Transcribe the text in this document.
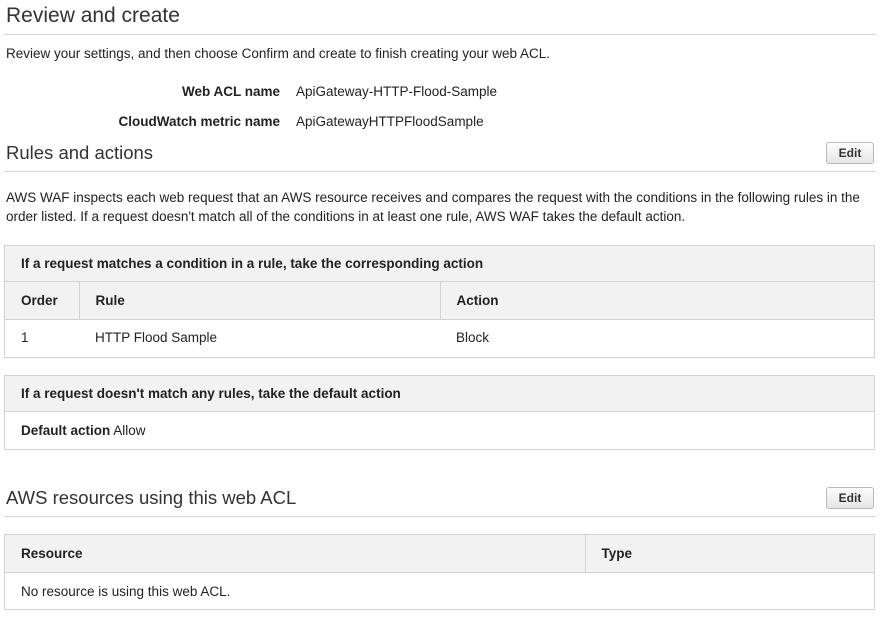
Review and create
Review your settings, and then choose Confirm and create to finish creating your web ACL.
Web ACL name ApiGateway-HTTP-Flood-Sample
CloudWatch metric name ApiGatewayHTTPFloodSample
Rules and actions	Edit
AWS WAF inspects each web request that an AWS resource receives and compares the request with the conditions in the following rules in the order listed. If a request doesn't match all of the conditions in at least one rule, AWS WAF takes the default action.
If a request matches a condition in a rule, take the corresponding action
Order	Rule	Action
1	HTTP Flood Sample	Block
If a request doesn't match any rules, take the default action
Default action Allow
AWS resources using this web ACL	Edit
Resource	Type
No resource is using this web ACL.
